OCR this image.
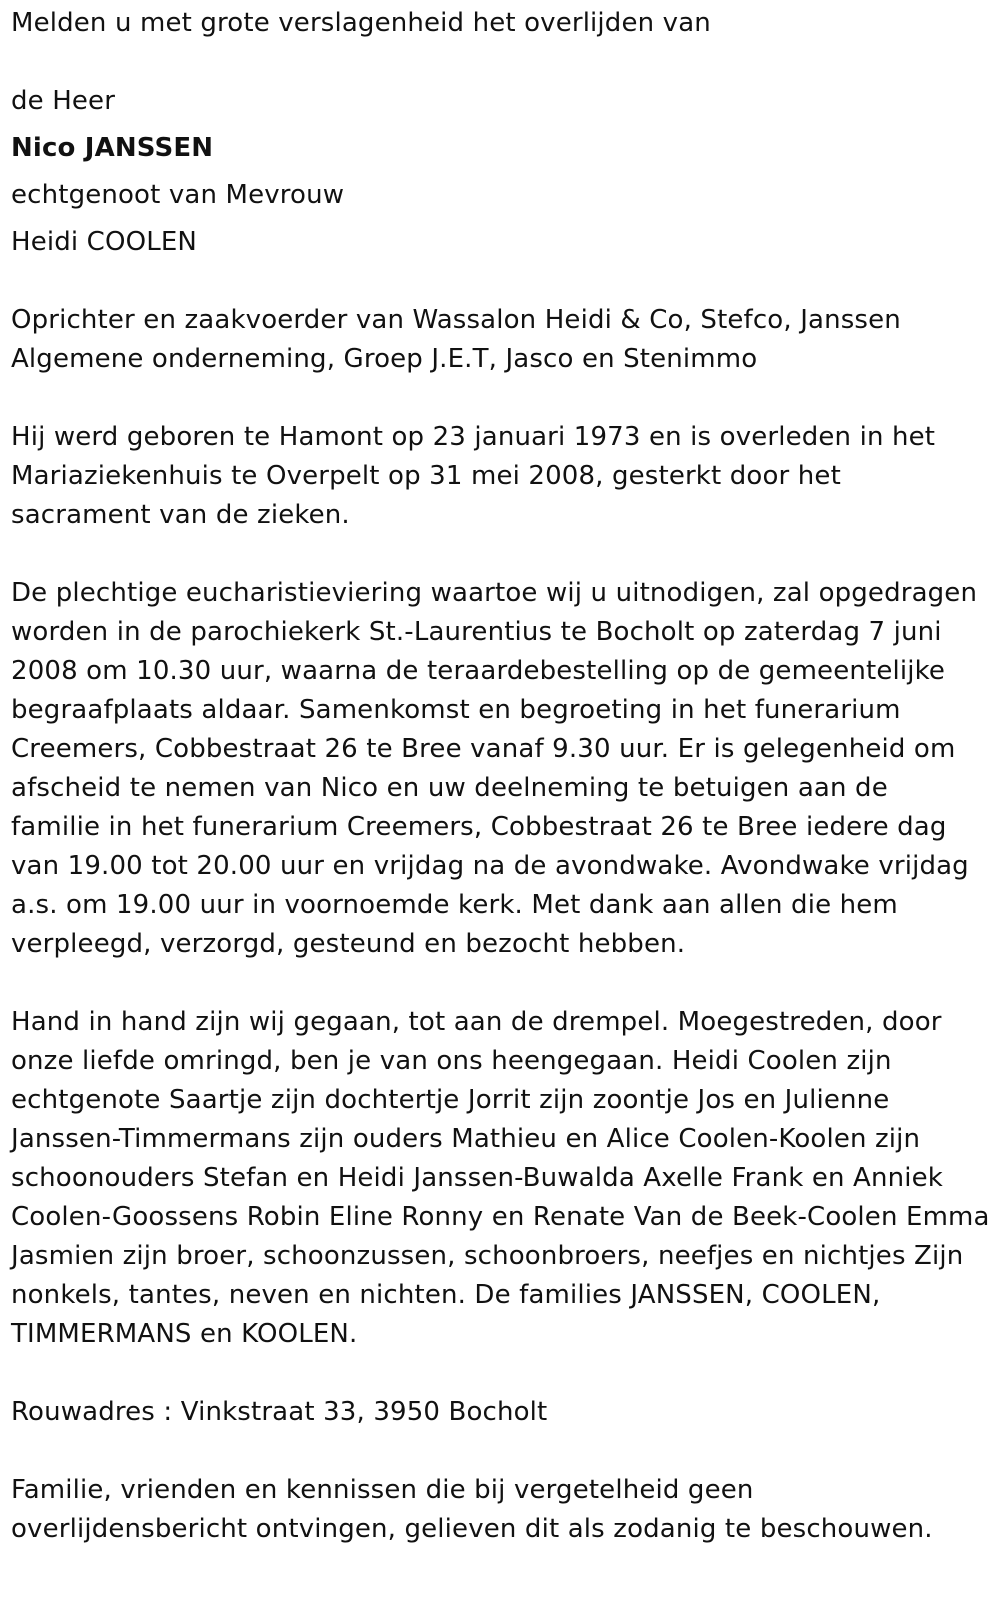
Melden u met grote verslagenheid het overlijden van
de Heer
Nico JANSSEN
echtgenoot van Mevrouw
Heidi COOLEN
Oprichter en zaakvoerder van Wassalon Heidi & Co, Stefco, Janssen
Algemene onderneming, Groep J.E.T, Jasco en Stenimmo
Hij werd geboren te Hamont op 23 januari 1973 en is overleden in het
Mariaziekenhuis te Overpelt op 31 mei 2008, gesterkt door het
sacrament van de zieken.
De plechtige eucharistieviering waartoe wij u uitnodigen, zal opgedragen
worden in de parochiekerk St.-Laurentius te Bocholt op zaterdag 7 juni
2008 om 10.30 uur, waarna de teraardebestelling op de gemeentelijke
begraafplaats aldaar. Samenkomst en begroeting in het funerarium
Creemers, Cobbestraat 26 te Bree vanaf 9.30 uur. Er is gelegenheid om
afscheid te nemen van Nico en uw deelneming te betuigen aan de
familie in het funerarium Creemers, Cobbestraat 26 te Bree iedere dag
van 19.00 tot 20.00 uur en vrijdag na de avondwake. Avondwake vrijdag
a.s. om 19.00 uur in voornoemde kerk. Met dank aan allen die hem
verpleegd, verzorgd, gesteund en bezocht hebben.
Hand in hand zijn wij gegaan, tot aan de drempel. Moegestreden, door
onze liefde omringd, ben je van ons heengegaan. Heidi Coolen zijn
echtgenote Saartje zijn dochtertje Jorrit zijn zoontje Jos en Julienne
Janssen-Timmermans zijn ouders Mathieu en Alice Coolen-Koolen zijn
schoonouders Stefan en Heidi Janssen-Buwalda Axelle Frank en Anniek
Coolen-Goossens Robin Eline Ronny en Renate Van de Beek-Coolen Emma
Jasmien zijn broer, schoonzussen, schoonbroers, neefjes en nichtjes Zijn
nonkels, tantes, neven en nichten. De families JANSSEN, COOLEN,
TIMMERMANS en KOOLEN.
Rouwadres : Vinkstraat 33, 3950 Bocholt
Familie, vrienden en kennissen die bij vergetelheid geen
overlijdensbericht ontvingen, gelieven dit als zodanig te beschouwen.
